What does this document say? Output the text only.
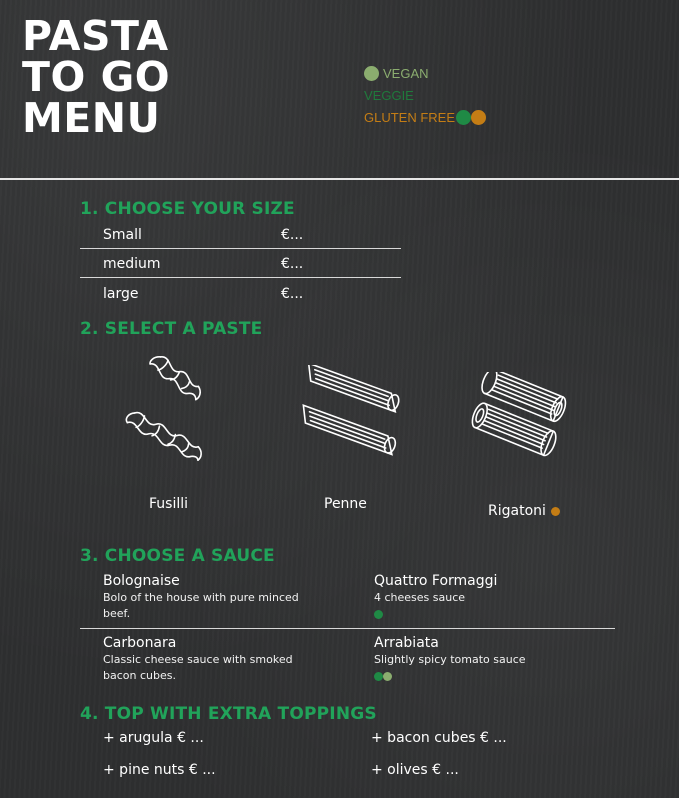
PASTA
TO GO
MENU
VEGAN
VEGGIE
GLUTEN FREE
1. CHOOSE YOUR SIZE
Small	€...
medium	€...
large	€...
2. SELECT A PASTE
Fusilli	Penne	Rigatoni
3. CHOOSE A SAUCE
Bolognaise
Bolo of the house with pure minced
beef.
Quattro Formaggi
4 cheeses sauce
Carbonara
Classic cheese sauce with smoked
bacon cubes.
Arrabiata
Slightly spicy tomato sauce
4. TOP WITH EXTRA TOPPINGS
+ arugula € ...	+ bacon cubes € ...
+ pine nuts € ...	+ olives € ...
